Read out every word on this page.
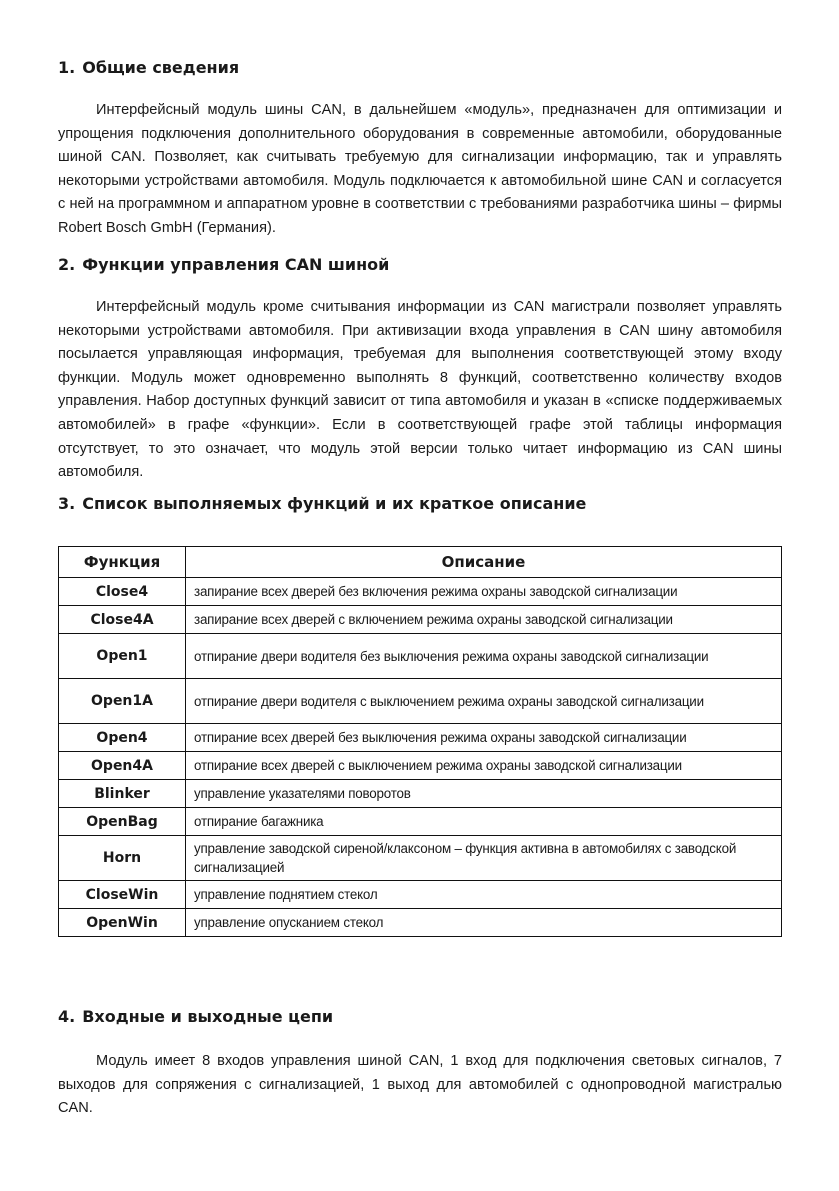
1. Общие сведения

Интерфейсный модуль шины CAN, в дальнейшем «модуль», предназначен для оптимизации и упрощения подключения дополнительного оборудования в современные автомобили, оборудованные шиной CAN. Позволяет, как считывать требуемую для сигнализации информацию, так и управлять некоторыми устройствами автомобиля. Модуль подключается к автомобильной шине CAN и согласуется с ней на программном и аппаратном уровне в соответствии с требованиями разработчика шины – фирмы Robert Bosch GmbH (Германия).

2. Функции управления CAN шиной

Интерфейсный модуль кроме считывания информации из CAN магистрали позволяет управлять некоторыми устройствами автомобиля. При активизации входа управления в CAN шину автомобиля посылается управляющая информация, требуемая для выполнения соответствующей этому входу функции. Модуль может одновременно выполнять 8 функций, соответственно количеству входов управления. Набор доступных функций зависит от типа автомобиля и указан в «списке поддерживаемых автомобилей» в графе «функции». Если в соответствующей графе этой таблицы информация отсутствует, то это означает, что модуль этой версии только читает информацию из CAN шины автомобиля.

3. Список выполняемых функций и их краткое описание
Функция	Описание
Close4	запирание всех дверей без включения режима охраны заводской сигнализации
Close4A	запирание всех дверей с включением режима охраны заводской сигнализации
Open1	отпирание двери водителя без выключения режима охраны заводской сигнализации
Open1A	отпирание двери водителя с выключением режима охраны заводской сигнализации
Open4	отпирание всех дверей без выключения режима охраны заводской сигнализации
Open4A	отпирание всех дверей с выключением режима охраны заводской сигнализации
Blinker	управление указателями поворотов
OpenBag	отпирание багажника
Horn	управление заводской сиреной/клаксоном – функция активна в автомобилях с заводской сигнализацией
CloseWin	управление поднятием стекол
OpenWin	управление опусканием стекол
4. Входные и выходные цепи

Модуль имеет 8 входов управления шиной CAN, 1 вход для подключения световых сигналов, 7 выходов для сопряжения с сигнализацией, 1 выход для автомобилей с однопроводной магистралью CAN.
